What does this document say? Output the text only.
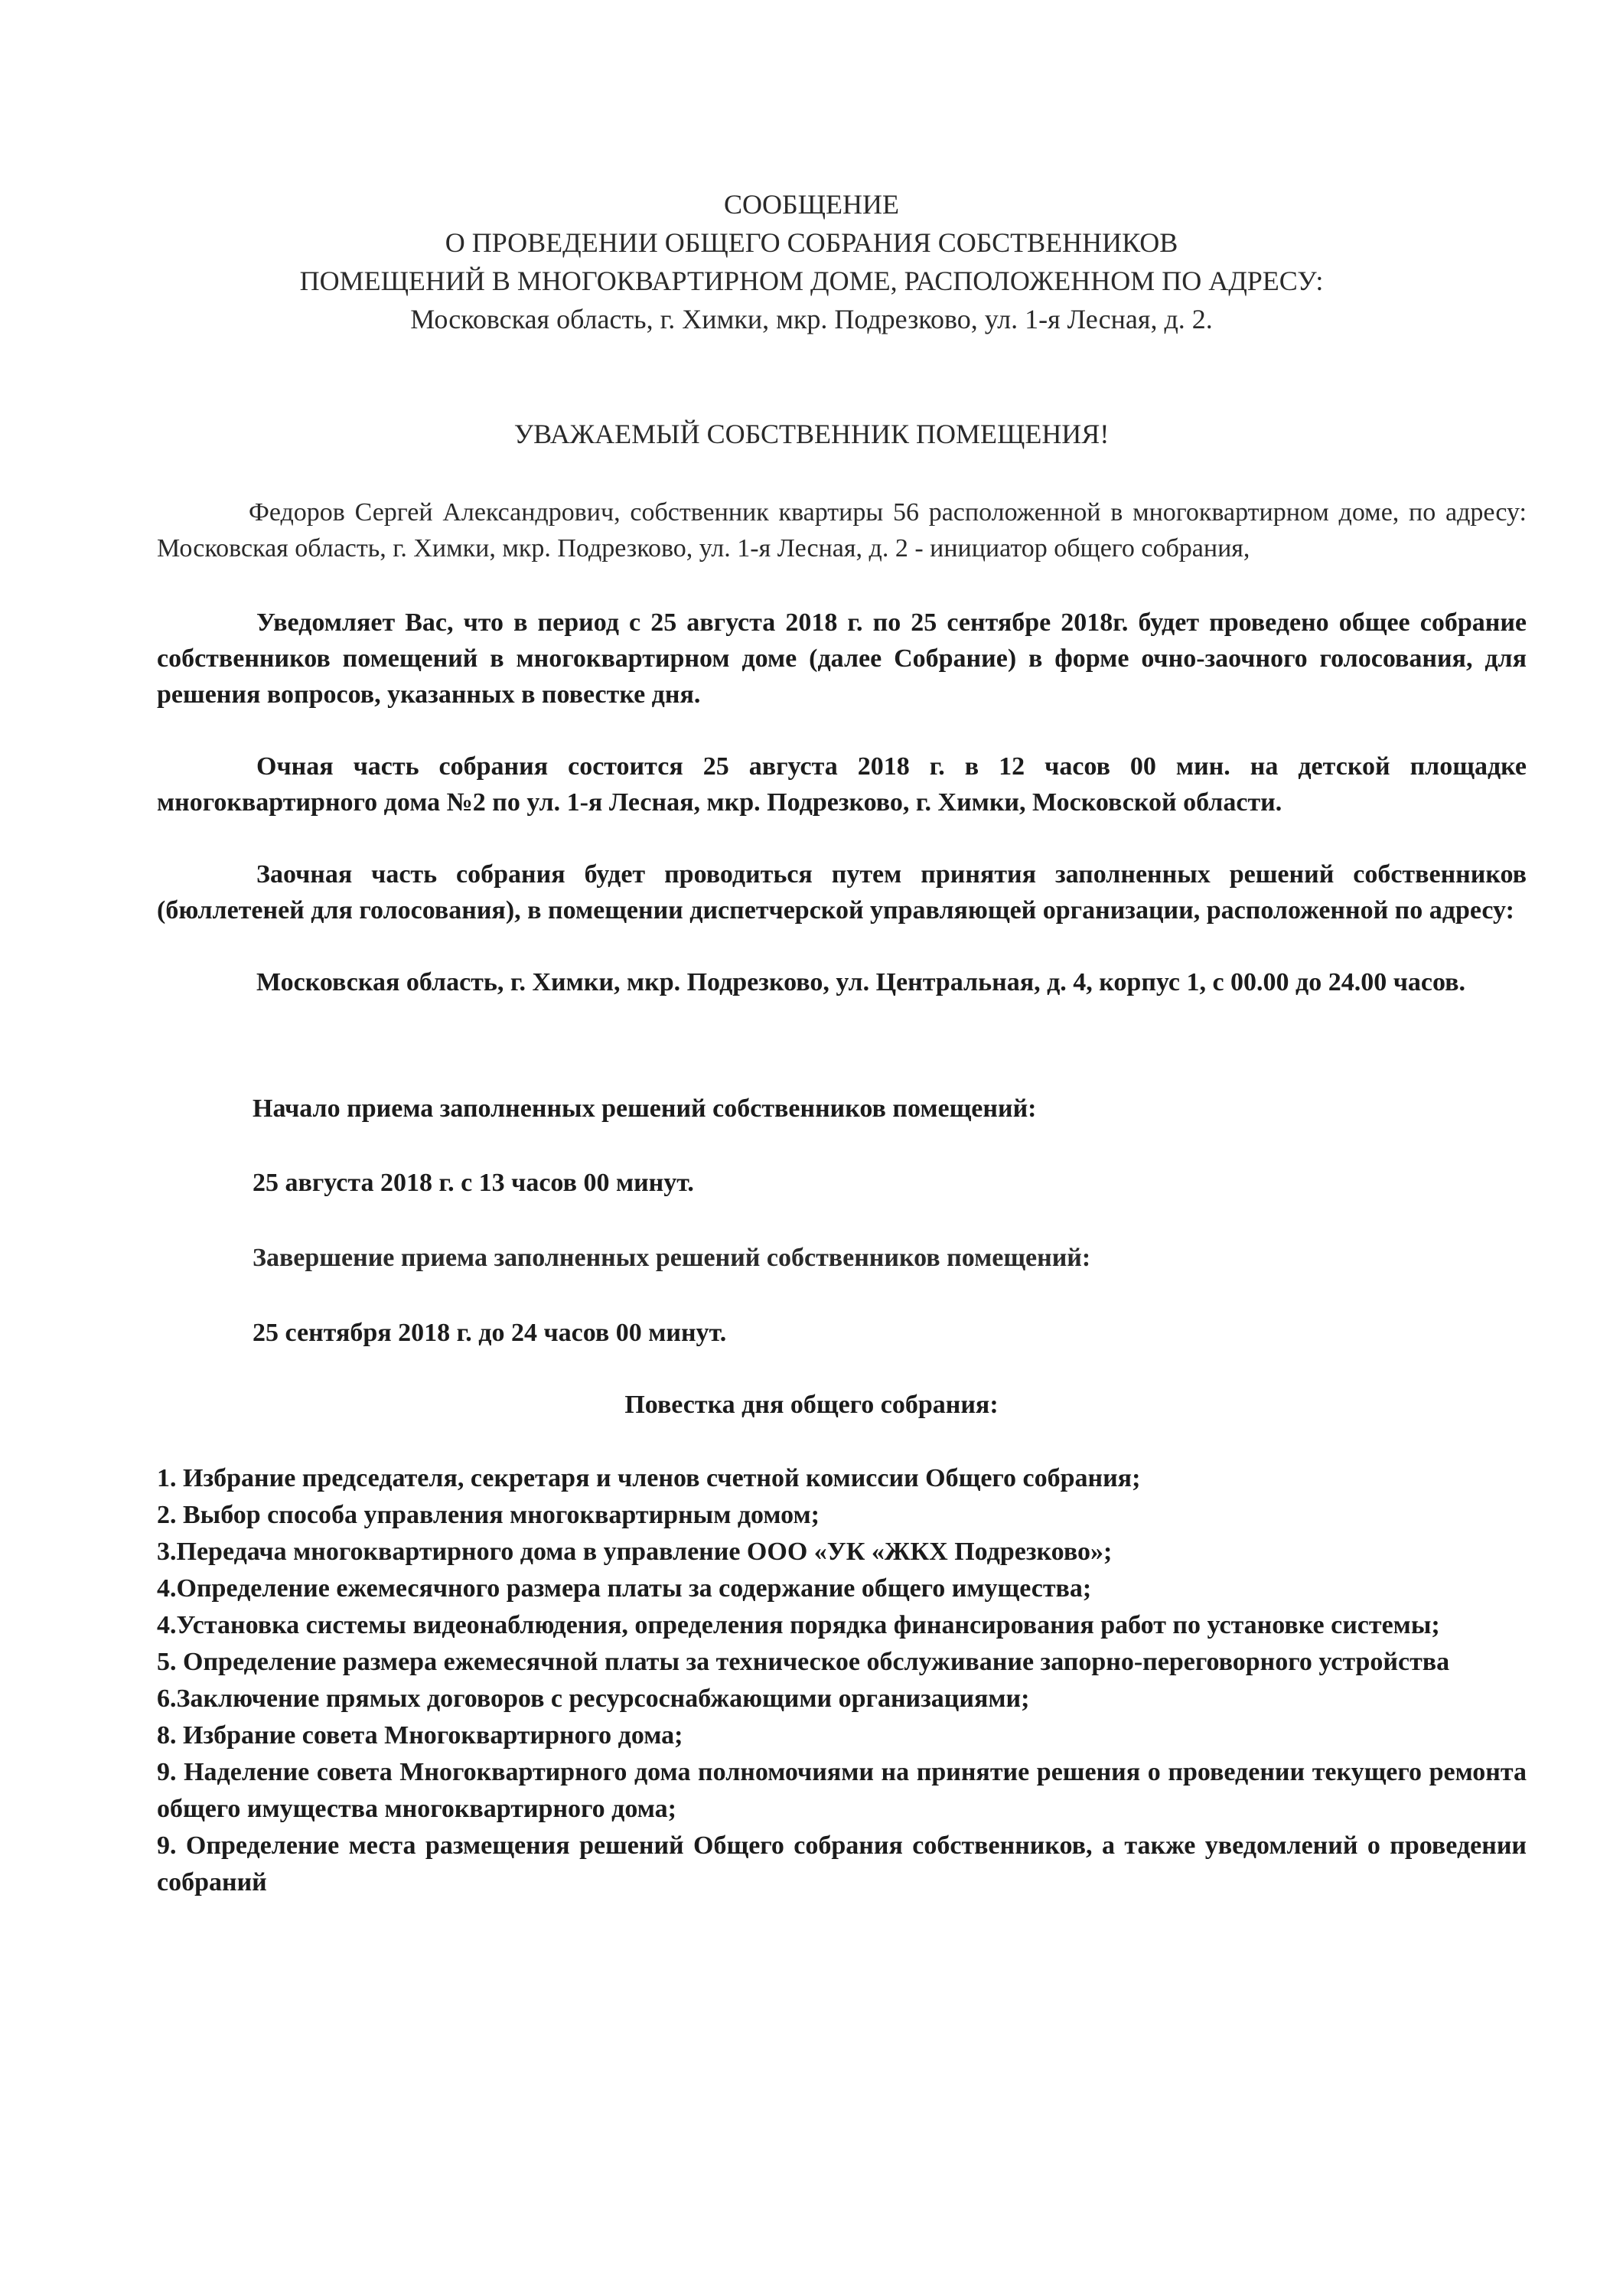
СООБЩЕНИЕ
О ПРОВЕДЕНИИ ОБЩЕГО СОБРАНИЯ СОБСТВЕННИКОВ
ПОМЕЩЕНИЙ В МНОГОКВАРТИРНОМ ДОМЕ, РАСПОЛОЖЕННОМ ПО АДРЕСУ:
Московская область, г. Химки, мкр. Подрезково, ул. 1-я Лесная, д. 2.
УВАЖАЕМЫЙ СОБСТВЕННИК ПОМЕЩЕНИЯ!
Федоров Сергей Александрович, собственник квартиры 56 расположенной в многоквартирном доме, по адресу: Московская область, г. Химки, мкр. Подрезково, ул. 1-я Лесная, д. 2 - инициатор общего собрания,
Уведомляет Вас, что в период с 25 августа 2018 г. по 25 сентябре 2018г. будет проведено общее собрание собственников помещений в многоквартирном доме (далее Собрание) в форме очно-заочного голосования, для решения вопросов, указанных в повестке дня.
Очная часть собрания состоится 25 августа 2018 г. в 12 часов 00 мин. на детской площадке многоквартирного дома №2 по ул. 1-я Лесная, мкр. Подрезково, г. Химки, Московской области.
Заочная часть собрания будет проводиться путем принятия заполненных решений собственников (бюллетеней для голосования), в помещении диспетчерской управляющей организации, расположенной по адресу:
Московская область, г. Химки, мкр. Подрезково, ул. Центральная, д. 4, корпус 1, с 00.00 до 24.00 часов.
Начало приема заполненных решений собственников помещений:
25 августа 2018 г. с 13 часов 00 минут.
Завершение приема заполненных решений собственников помещений:
25 сентября 2018 г. до 24 часов 00 минут.
Повестка дня общего собрания:
1. Избрание председателя, секретаря и членов счетной комиссии Общего собрания;
2. Выбор способа управления многоквартирным домом;
3.Передача многоквартирного дома в управление ООО «УК «ЖКХ Подрезково»;
4.Определение ежемесячного размера платы за содержание общего имущества;
4.Установка системы видеонаблюдения, определения порядка финансирования работ по установке системы;
5. Определение размера ежемесячной платы за техническое обслуживание запорно-переговорного устройства
6.Заключение прямых договоров с ресурсоснабжающими организациями;
8. Избрание совета Многоквартирного дома;
9. Наделение совета Многоквартирного дома полномочиями на принятие решения о проведении текущего ремонта общего имущества многоквартирного дома;
9. Определение места размещения решений Общего собрания собственников, а также уведомлений о проведении собраний
